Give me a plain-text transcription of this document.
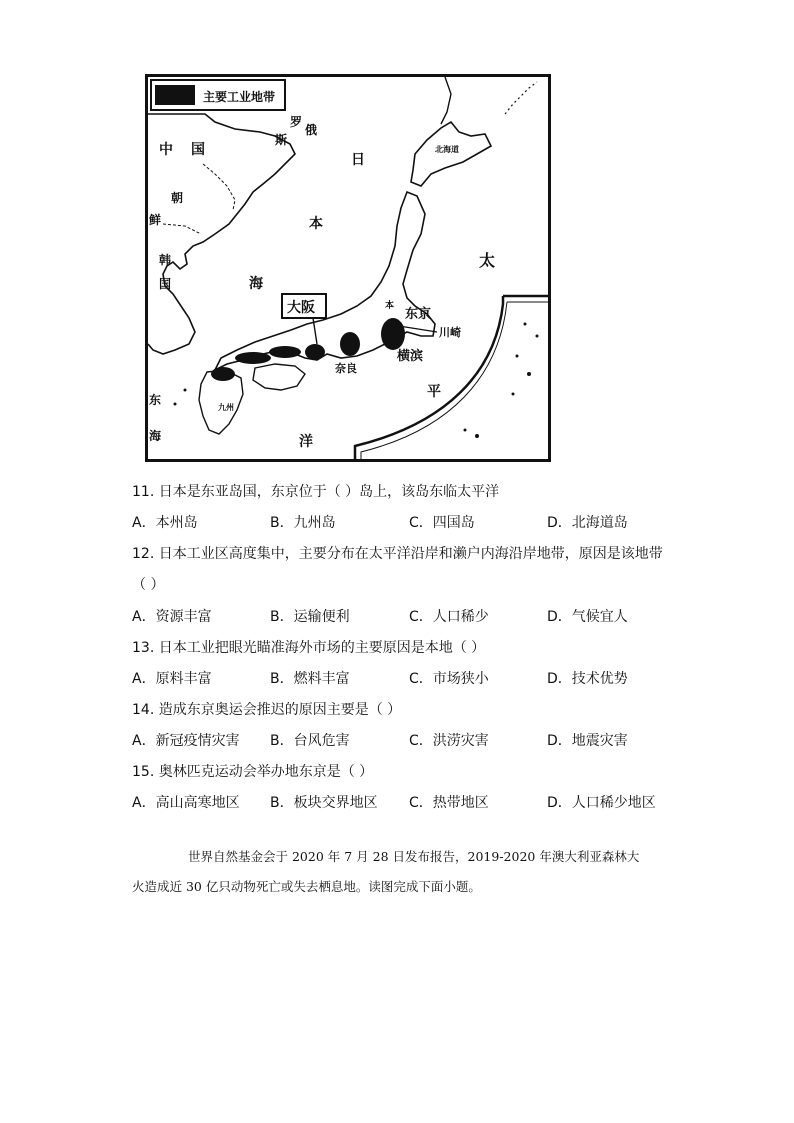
主要工业地带
北海道
九州
中 国
俄
罗
斯
朝
鲜
韩
国
日
本
海
太
平
洋
东
海
大阪	东京
川崎
横滨
奈良
本
11. 日本是东亚岛国，东京位于（ ）岛上，该岛东临太平洋
A．本州岛	B．九州岛	C．四国岛	D．北海道岛
12. 日本工业区高度集中，主要分布在太平洋沿岸和濑户内海沿岸地带，原因是该地带
（ ）
A．资源丰富	B．运输便利	C．人口稀少	D．气候宜人
13. 日本工业把眼光瞄准海外市场的主要原因是本地（ ）
A．原料丰富	B．燃料丰富	C．市场狭小	D．技术优势
14. 造成东京奥运会推迟的原因主要是（ ）
A．新冠疫情灾害 B．台风危害	C．洪涝灾害	D．地震灾害
15. 奥林匹克运动会举办地东京是（ ）
A．高山高寒地区 B．板块交界地区 C．热带地区	D．人口稀少地区

世界自然基金会于 2020 年 7 月 28 日发布报告，2019-2020 年澳大利亚森林大

火造成近 30 亿只动物死亡或失去栖息地。读图完成下面小题。
